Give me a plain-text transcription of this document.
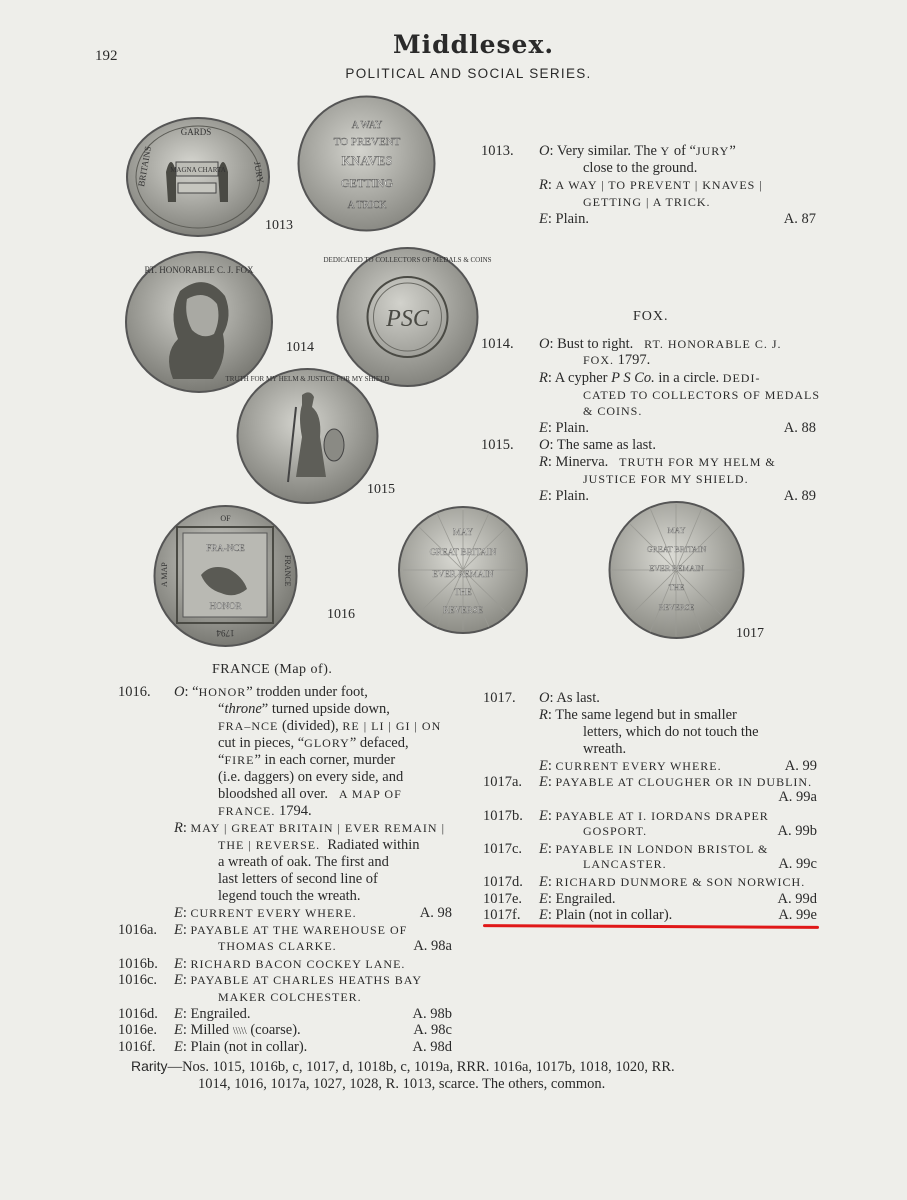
192	Middlesex.
POLITICAL AND SOCIAL SERIES.
MAGNA CHARTA
BRITAINS
GARDS
JURY
A WAY
TO PREVENT
KNAVES
GETTING
A TRICK
1013
RT. HONORABLE C. J. FOX
PSC
DEDICATED TO COLLECTORS OF MEDALS & COINS
1014
TRUTH FOR MY HELM & JUSTICE FOR MY SHIELD
1015
FRA-NCE
HONOR
A MAP
OF
FRANCE
1794
1016
MAY
GREAT BRITAIN
EVER REMAIN
THE
REVERSE
MAY
GREAT BRITAIN
EVER REMAIN
THE
REVERSE
1017
1013. O: Very similar. The Y of “JURY”
close to the ground.
R: A WAY | TO PREVENT | KNAVES |
GETTING | A TRICK.
E: Plain.	A. 87
FOX.
1014. O: Bust to right. RT. HONORABLE C. J.
FOX. 1797.
R: A cypher P S Co. in a circle. DEDI-
CATED TO COLLECTORS OF MEDALS
& COINS.
E: Plain.	A. 88
1015. O: The same as last.
R: Minerva. TRUTH FOR MY HELM &
JUSTICE FOR MY SHIELD.
E: Plain.	A. 89
FRANCE (Map of).
1016. O: “HONOR” trodden under foot,
“throne” turned upside down,
FRA–NCE (divided), RE | LI | GI | ON
cut in pieces, “GLORY” defaced,
“FIRE” in each corner, murder
(i.e. daggers) on every side, and
bloodshed all over. A MAP OF
FRANCE. 1794.
R: MAY | GREAT BRITAIN | EVER REMAIN |
THE | REVERSE. Radiated within
a wreath of oak. The first and
last letters of second line of
legend touch the wreath.
E: CURRENT EVERY WHERE.	A. 98
1016a. E: PAYABLE AT THE WAREHOUSE OF
THOMAS CLARKE.	A. 98a
1016b. E: RICHARD BACON COCKEY LANE.
1016c. E: PAYABLE AT CHARLES HEATHS BAY
MAKER COLCHESTER.
1016d. E: Engrailed.	A. 98b
1016e. E: Milled \\\\\ (coarse).	A. 98c
1016f. E: Plain (not in collar).	A. 98d
1017. O: As last.
R: The same legend but in smaller
letters, which do not touch the
wreath.
E: CURRENT EVERY WHERE.	A. 99
1017a. E: PAYABLE AT CLOUGHER OR IN DUBLIN.
A. 99a
1017b. E: PAYABLE AT I. IORDANS DRAPER
GOSPORT.	A. 99b
1017c. E: PAYABLE IN LONDON BRISTOL &
LANCASTER.	A. 99c
1017d. E: RICHARD DUNMORE & SON NORWICH.
1017e. E: Engrailed.	A. 99d
1017f. E: Plain (not in collar).	A. 99e
Rarity—Nos. 1015, 1016b, c, 1017, d, 1018b, c, 1019a, RRR. 1016a, 1017b, 1018, 1020, RR.
1014, 1016, 1017a, 1027, 1028, R. 1013, scarce. The others, common.
